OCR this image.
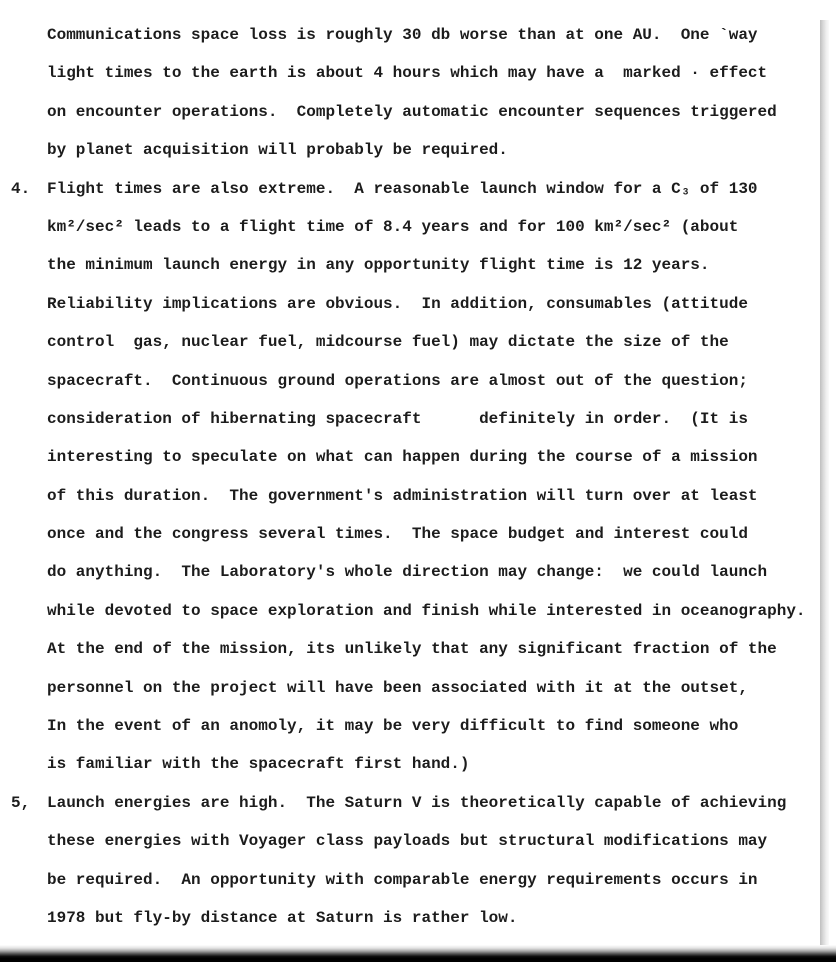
Communications space loss is roughly 30 db worse than at one AU.  One `way
light times to the earth is about 4 hours which may have a  marked · effect
on encounter operations.  Completely automatic encounter sequences triggered
by planet acquisition will probably be required.
4. Flight times are also extreme.  A reasonable launch window for a C₃ of 130
km²/sec² leads to a flight time of 8.4 years and for 100 km²/sec² (about
the minimum launch energy in any opportunity flight time is 12 years.
Reliability implications are obvious.  In addition, consumables (attitude
control  gas, nuclear fuel, midcourse fuel) may dictate the size of the
spacecraft.  Continuous ground operations are almost out of the question;
consideration of hibernating spacecraft      definitely in order.  (It is
interesting to speculate on what can happen during the course of a mission
of this duration.  The government's administration will turn over at least
once and the congress several times.  The space budget and interest could
do anything.  The Laboratory's whole direction may change:  we could launch
while devoted to space exploration and finish while interested in oceanography.
At the end of the mission, its unlikely that any significant fraction of the
personnel on the project will have been associated with it at the outset,
In the event of an anomoly, it may be very difficult to find someone who
is familiar with the spacecraft first hand.)
5, Launch energies are high.  The Saturn V is theoretically capable of achieving
these energies with Voyager class payloads but structural modifications may
be required.  An opportunity with comparable energy requirements occurs in
1978 but fly-by distance at Saturn is rather low.
